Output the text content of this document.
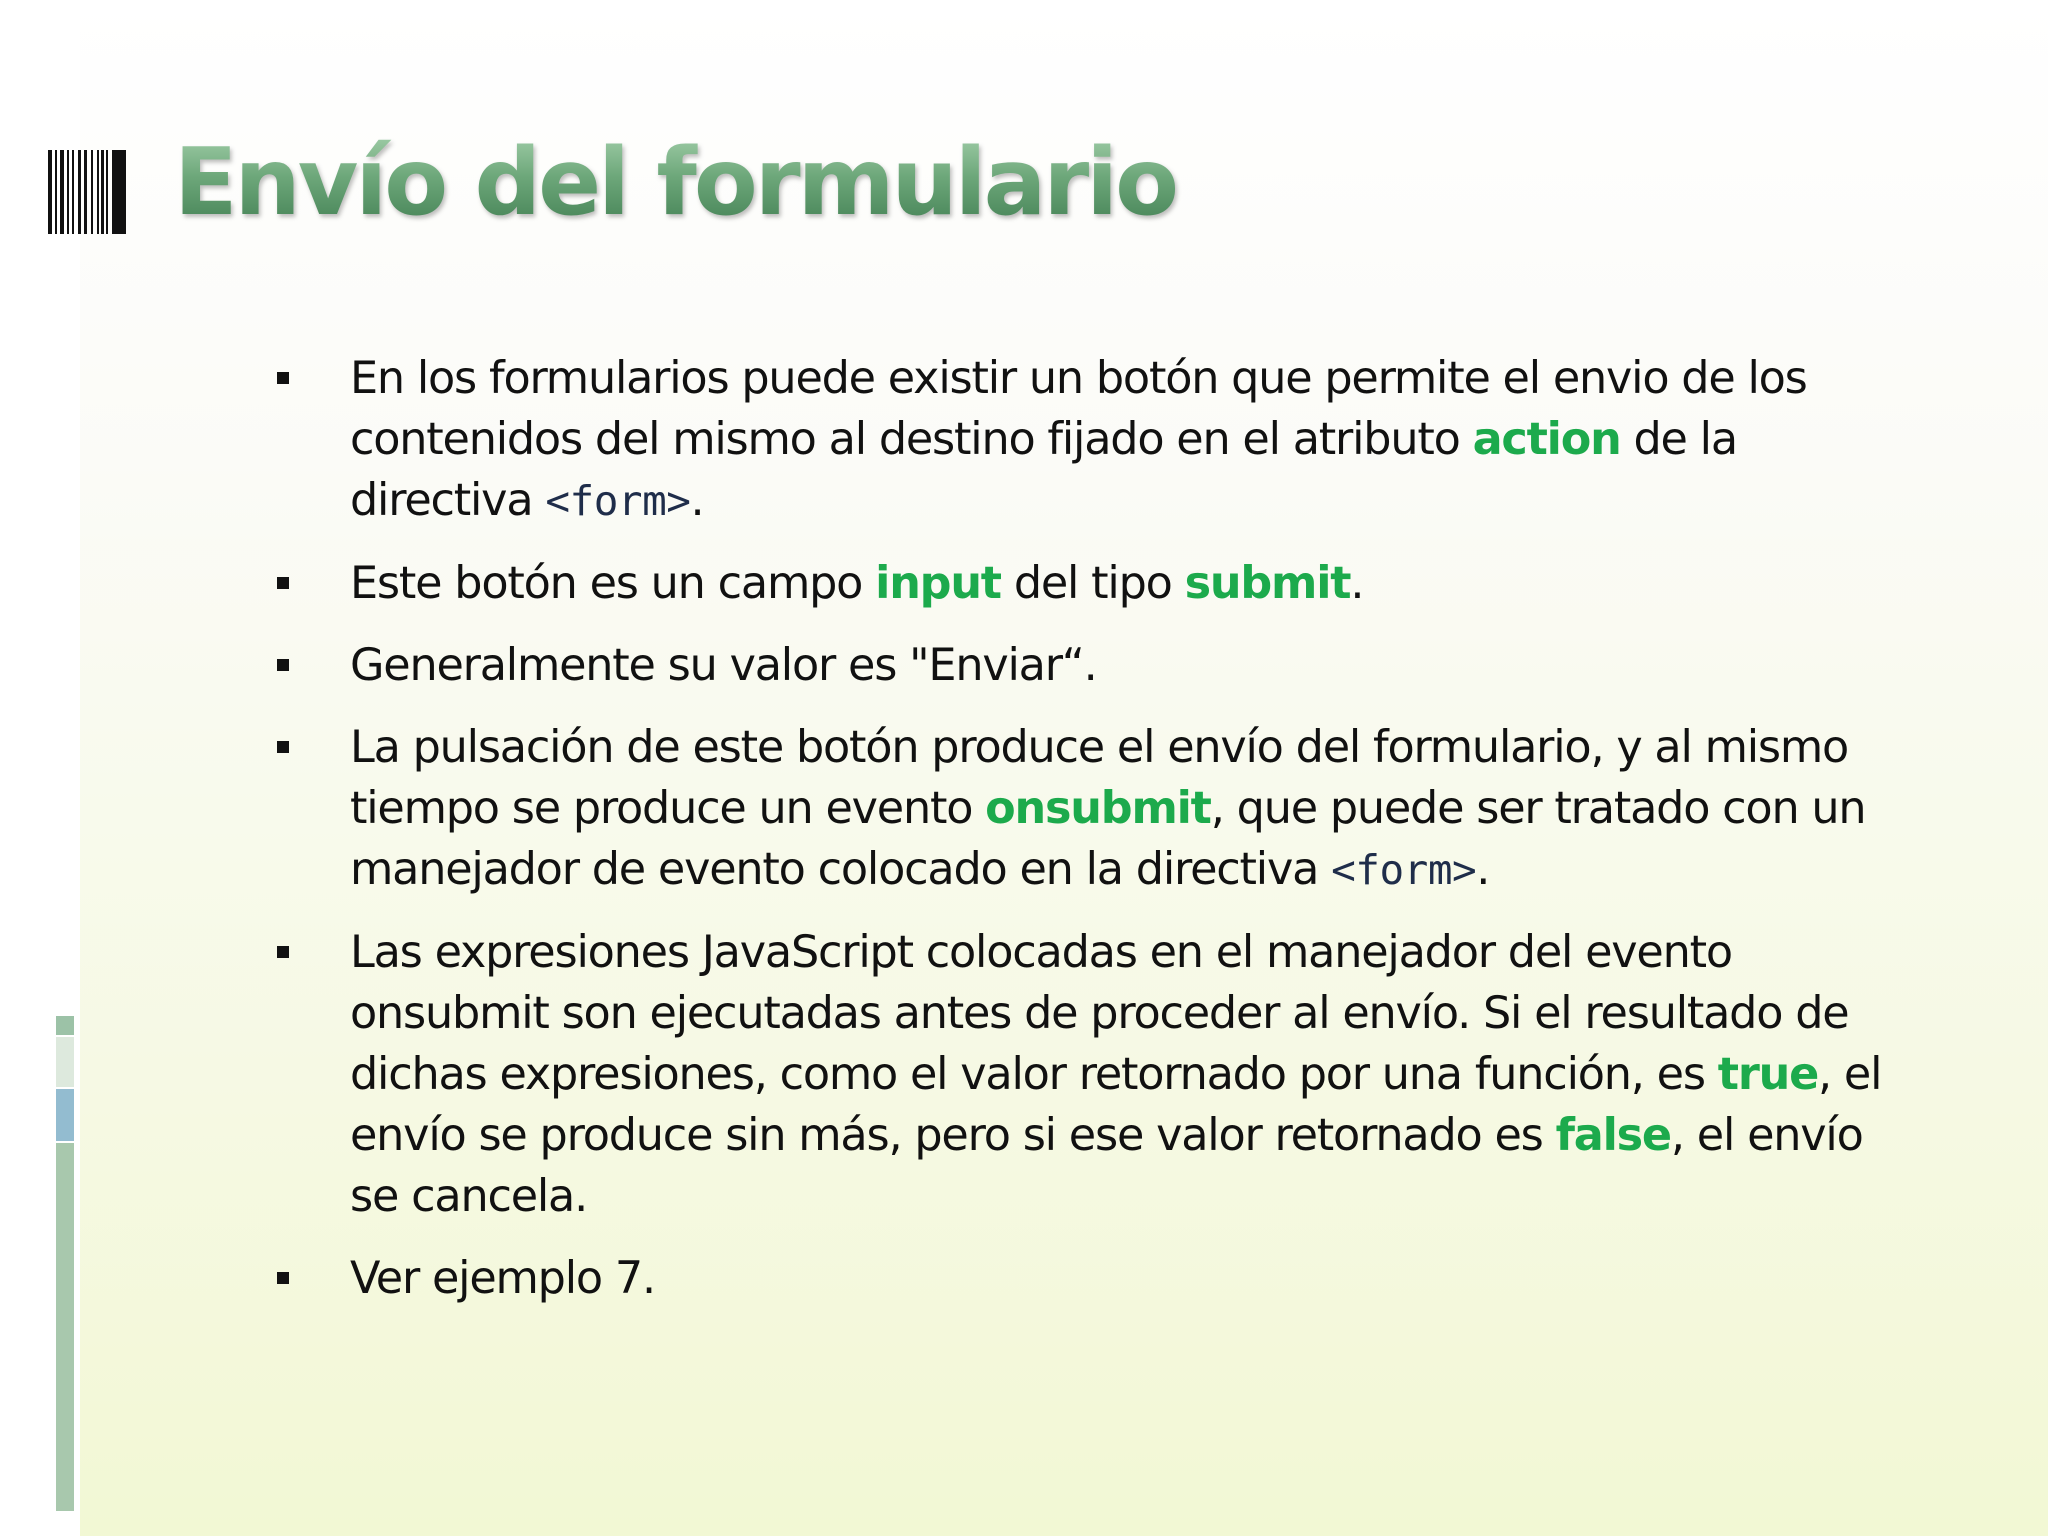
Envío del formulario
En los formularios puede existir un botón que permite el envio de los contenidos del mismo al destino fijado en el atributo action de la directiva <form>.
Este botón es un campo input del tipo submit.
Generalmente su valor es "Enviar“.
La pulsación de este botón produce el envío del formulario, y al mismo tiempo se produce un evento onsubmit, que puede ser tratado con un manejador de evento colocado en la directiva <form>.
Las expresiones JavaScript colocadas en el manejador del evento onsubmit son ejecutadas antes de proceder al envío. Si el resultado de dichas expresiones, como el valor retornado por una función, es true, el envío se produce sin más, pero si ese valor retornado es false, el envío se cancela.
Ver ejemplo 7.
